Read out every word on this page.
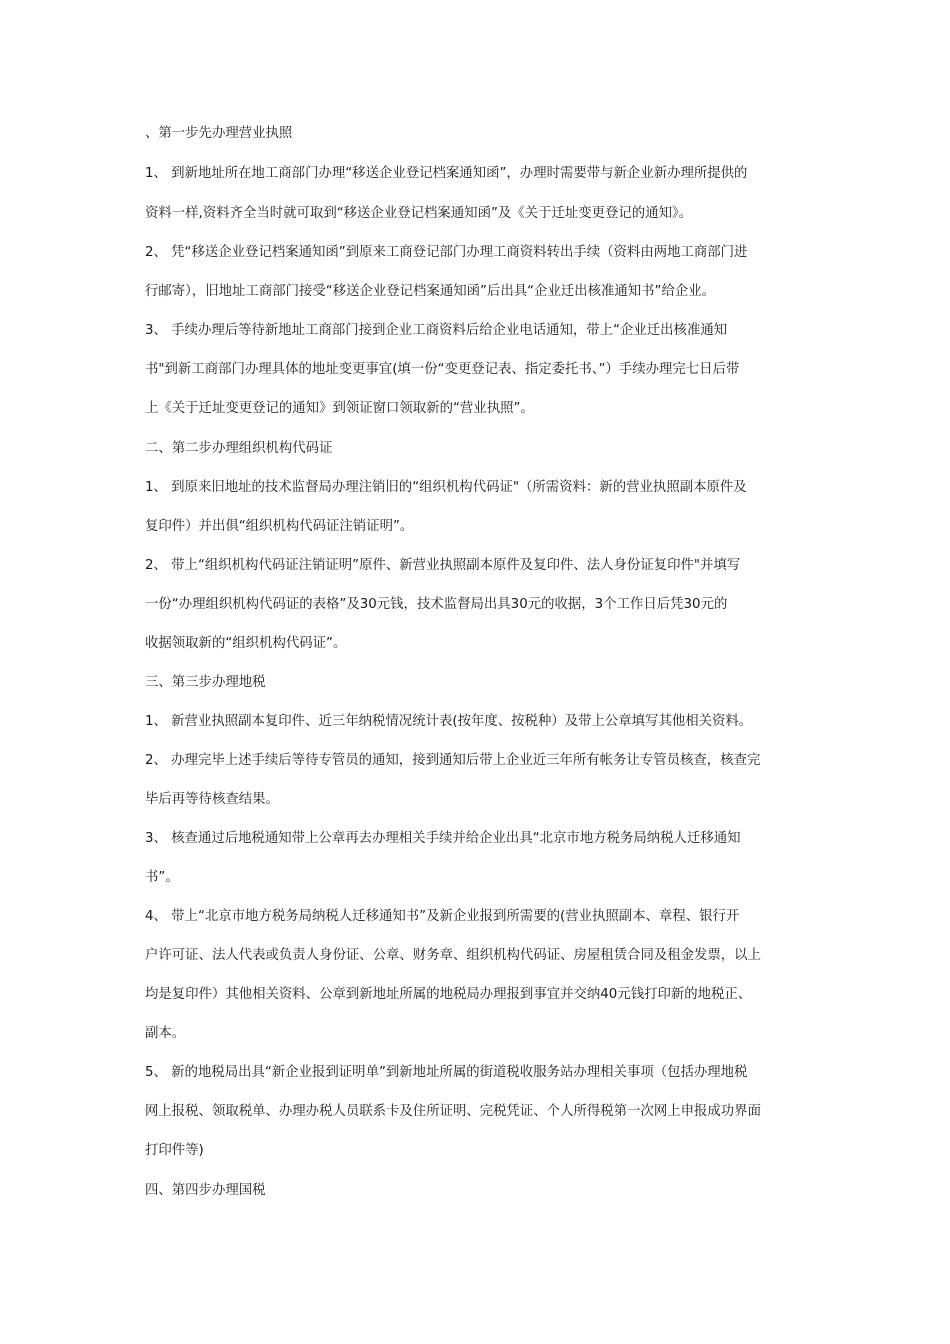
、第一步先办理营业执照
1、 到新地址所在地工商部门办理“移送企业登记档案通知函”，办理时需要带与新企业新办理所提供的
资料一样,资料齐全当时就可取到“移送企业登记档案通知函”及《关于迁址变更登记的通知》。
2、 凭“移送企业登记档案通知函”到原来工商登记部门办理工商资料转出手续（资料由两地工商部门进
行邮寄），旧地址工商部门接受“移送企业登记档案通知函”后出具“企业迁出核准通知书”给企业。
3、 手续办理后等待新地址工商部门接到企业工商资料后给企业电话通知，带上“企业迁出核准通知
书"到新工商部门办理具体的地址变更事宜(填一份“变更登记表、指定委托书、”）手续办理完七日后带
上《关于迁址变更登记的通知》到领证窗口领取新的“营业执照”。
二、第二步办理组织机构代码证
1、 到原来旧地址的技术监督局办理注销旧的“组织机构代码证"（所需资料：新的营业执照副本原件及
复印件）并出俱“组织机构代码证注销证明”。
2、 带上“组织机构代码证注销证明”原件、新营业执照副本原件及复印件、法人身份证复印件"并填写
一份“办理组织机构代码证的表格”及30元钱，技术监督局出具30元的收据，3个工作日后凭30元的
收据领取新的“组织机构代码证”。
三、第三步办理地税
1、 新营业执照副本复印件、近三年纳税情况统计表(按年度、按税种）及带上公章填写其他相关资料。
2、 办理完毕上述手续后等待专管员的通知，接到通知后带上企业近三年所有帐务让专管员核查，核查完
毕后再等待核查结果。
3、 核查通过后地税通知带上公章再去办理相关手续并给企业出具“北京市地方税务局纳税人迁移通知
书”。
4、 带上“北京市地方税务局纳税人迁移通知书”及新企业报到所需要的(营业执照副本、章程、银行开
户许可证、法人代表或负责人身份证、公章、财务章、组织机构代码证、房屋租赁合同及租金发票，以上
均是复印件）其他相关资料、公章到新地址所属的地税局办理报到事宜并交纳40元钱打印新的地税正、
副本。
5、 新的地税局出具“新企业报到证明单”到新地址所属的街道税收服务站办理相关事项（包括办理地税
网上报税、领取税单、办理办税人员联系卡及住所证明、完税凭证、个人所得税第一次网上申报成功界面
打印件等)
四、第四步办理国税
